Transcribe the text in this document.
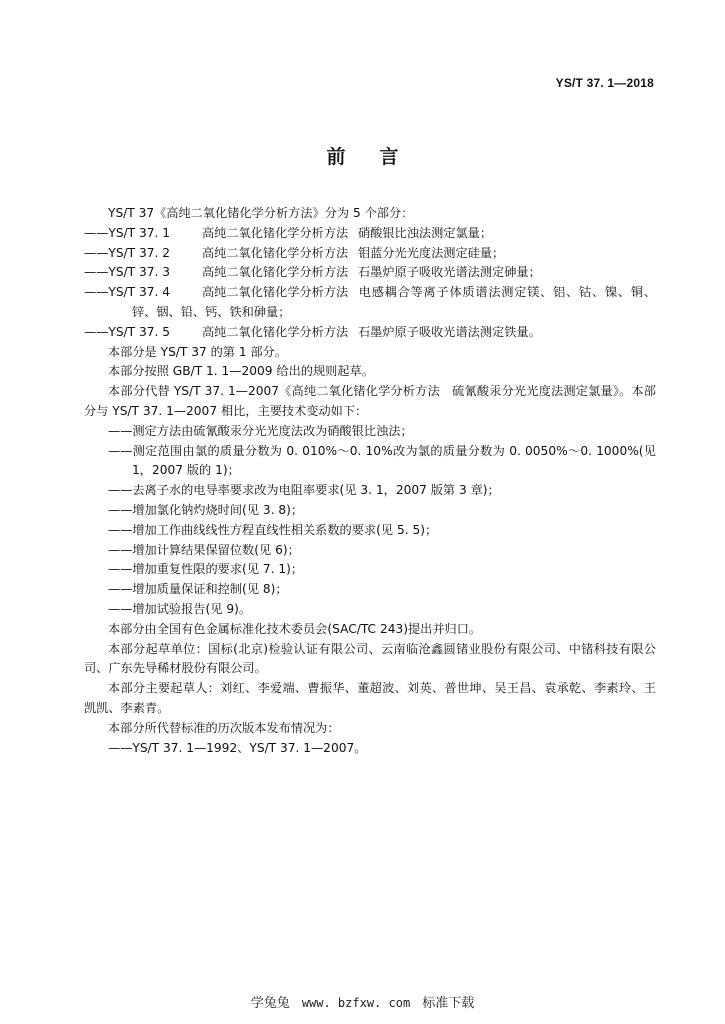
YS/T 37. 1—2018
前言

YS/T 37《高纯二氧化锗化学分析方法》分为 5 个部分：

——YS/T 37. 1	高纯二氧化锗化学分析方法 硝酸银比浊法测定氯量；

——YS/T 37. 2	高纯二氧化锗化学分析方法 钼蓝分光光度法测定硅量；

——YS/T 37. 3	高纯二氧化锗化学分析方法 石墨炉原子吸收光谱法测定砷量；

——YS/T 37. 4	高纯二氧化锗化学分析方法 电感耦合等离子体质谱法测定镁、铝、钴、镍、铜、锌、铟、铅、钙、铁和砷量；

——YS/T 37. 5	高纯二氧化锗化学分析方法 石墨炉原子吸收光谱法测定铁量。

本部分是 YS/T 37 的第 1 部分。

本部分按照 GB/T 1. 1—2009 给出的规则起草。

本部分代替 YS/T 37. 1—2007《高纯二氧化锗化学分析方法　硫氰酸汞分光光度法测定氯量》。本部分与 YS/T 37. 1—2007 相比，主要技术变动如下：

——测定方法由硫氰酸汞分光光度法改为硝酸银比浊法；

——测定范围由氯的质量分数为 0. 010%～0. 10%改为氯的质量分数为 0. 0050%～0. 1000%(见 1，2007 版的 1)；

——去离子水的电导率要求改为电阻率要求(见 3. 1，2007 版第 3 章)；

——增加氯化钠灼烧时间(见 3. 8)；

——增加工作曲线线性方程直线性相关系数的要求(见 5. 5)；

——增加计算结果保留位数(见 6)；

——增加重复性限的要求(见 7. 1)；

——增加质量保证和控制(见 8)；

——增加试验报告(见 9)。

本部分由全国有色金属标准化技术委员会(SAC/TC 243)提出并归口。

本部分起草单位：国标(北京)检验认证有限公司、云南临沧鑫圆锗业股份有限公司、中锗科技有限公司、广东先导稀材股份有限公司。

本部分主要起草人：刘红、李爱端、曹振华、董超波、刘英、普世坤、吴王昌、袁承乾、李素玲、王凯凯、李素青。

本部分所代替标准的历次版本发布情况为：

——YS/T 37. 1—1992、YS/T 37. 1—2007。

学兔兔 www. bzfxw. com 标准下载
